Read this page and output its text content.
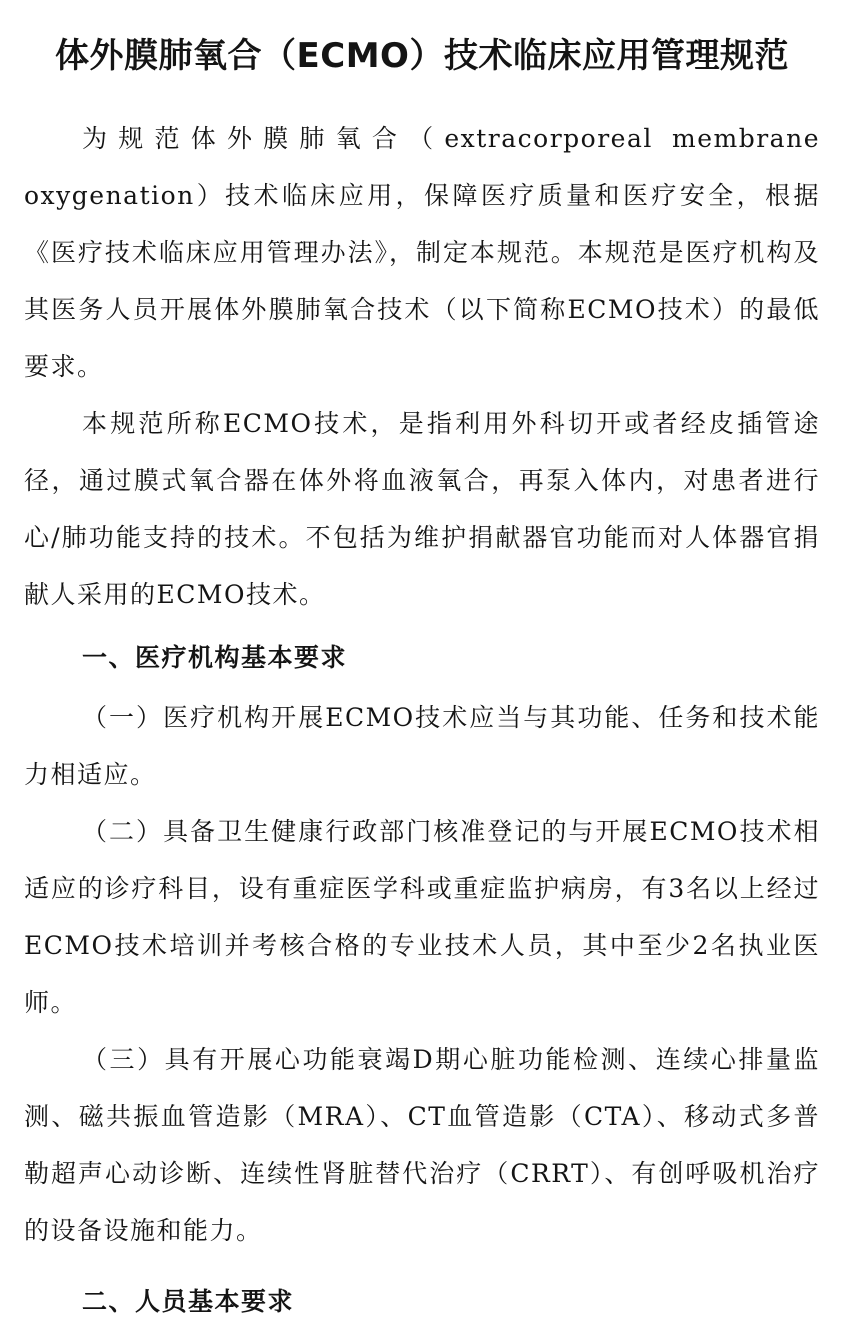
体外膜肺氧合（ECMO）技术临床应用管理规范

为规范体外膜肺氧合（extracorporeal membrane oxygenation）技术临床应用，保障医疗质量和医疗安全，根据《医疗技术临床应用管理办法》，制定本规范。本规范是医疗机构及其医务人员开展体外膜肺氧合技术（以下简称ECMO技术）的最低要求。

本规范所称ECMO技术，是指利用外科切开或者经皮插管途径，通过膜式氧合器在体外将血液氧合，再泵入体内，对患者进行心/肺功能支持的技术。不包括为维护捐献器官功能而对人体器官捐献人采用的ECMO技术。

一、医疗机构基本要求

（一）医疗机构开展ECMO技术应当与其功能、任务和技术能力相适应。

（二）具备卫生健康行政部门核准登记的与开展ECMO技术相适应的诊疗科目，设有重症医学科或重症监护病房，有3名以上经过ECMO技术培训并考核合格的专业技术人员，其中至少2名执业医师。

（三）具有开展心功能衰竭D期心脏功能检测、连续心排量监测、磁共振血管造影（MRA）、CT血管造影（CTA）、移动式多普勒超声心动诊断、连续性肾脏替代治疗（CRRT）、有创呼吸机治疗的设备设施和能力。

二、人员基本要求
